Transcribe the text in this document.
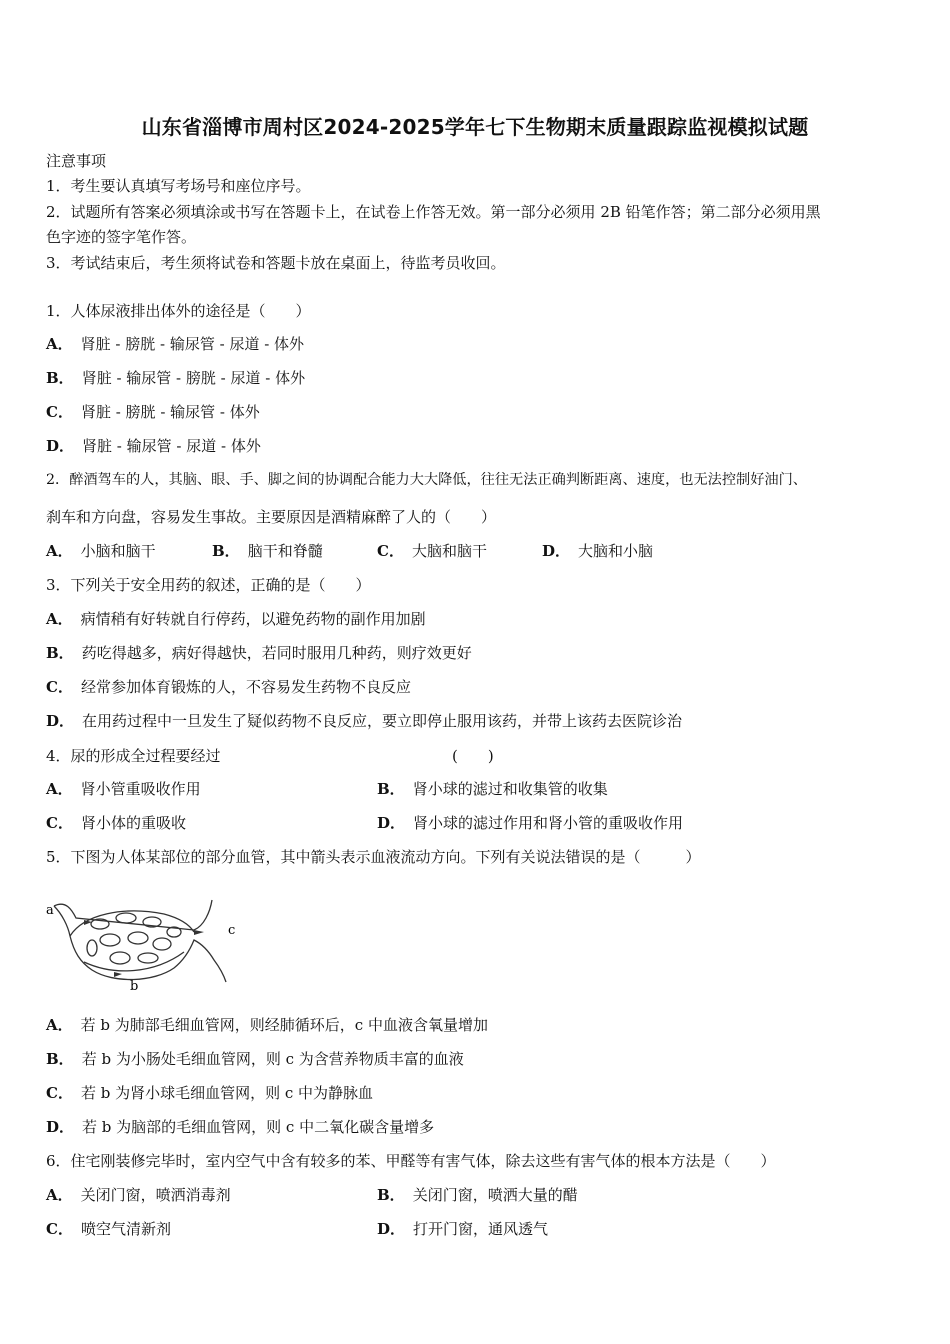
山东省淄博市周村区2024-2025学年七下生物期末质量跟踪监视模拟试题
注意事项
1．考生要认真填写考场号和座位序号。
2．试题所有答案必须填涂或书写在答题卡上，在试卷上作答无效。第一部分必须用 2B 铅笔作答；第二部分必须用黑
色字迹的签字笔作答。
3．考试结束后，考生须将试卷和答题卡放在桌面上，待监考员收回。
1．人体尿液排出体外的途径是（　　）
A． 肾脏 - 膀胱 - 输尿管 - 尿道 - 体外
B． 肾脏 - 输尿管 - 膀胱 - 尿道 - 体外
C． 肾脏 - 膀胱 - 输尿管 - 体外
D． 肾脏 - 输尿管 - 尿道 - 体外
2．醉酒驾车的人，其脑、眼、手、脚之间的协调配合能力大大降低，往往无法正确判断距离、速度，也无法控制好油门、
刹车和方向盘，容易发生事故。主要原因是酒精麻醉了人的（　　）
A． 小脑和脑干	B． 脑干和脊髓	C． 大脑和脑干	D． 大脑和小脑
3．下列关于安全用药的叙述，正确的是（　　）
A． 病情稍有好转就自行停药，以避免药物的副作用加剧
B． 药吃得越多，病好得越快，若同时服用几种药，则疗效更好
C． 经常参加体育锻炼的人，不容易发生药物不良反应
D． 在用药过程中一旦发生了疑似药物不良反应，要立即停止服用该药，并带上该药去医院诊治
4．尿的形成全过程要经过	(　　)
A． 肾小管重吸收作用	B． 肾小球的滤过和收集管的收集
C． 肾小体的重吸收	D． 肾小球的滤过作用和肾小管的重吸收作用
5．下图为人体某部位的部分血管，其中箭头表示血液流动方向。下列有关说法错误的是（　　　）
a
b
c
A． 若 b 为肺部毛细血管网，则经肺循环后，c 中血液含氧量增加
B． 若 b 为小肠处毛细血管网，则 c 为含营养物质丰富的血液
C． 若 b 为肾小球毛细血管网，则 c 中为静脉血
D． 若 b 为脑部的毛细血管网，则 c 中二氧化碳含量增多
6．住宅刚装修完毕时，室内空气中含有较多的苯、甲醛等有害气体，除去这些有害气体的根本方法是（　　）
A． 关闭门窗，喷洒消毒剂	B． 关闭门窗，喷洒大量的醋
C． 喷空气清新剂	D． 打开门窗，通风透气
